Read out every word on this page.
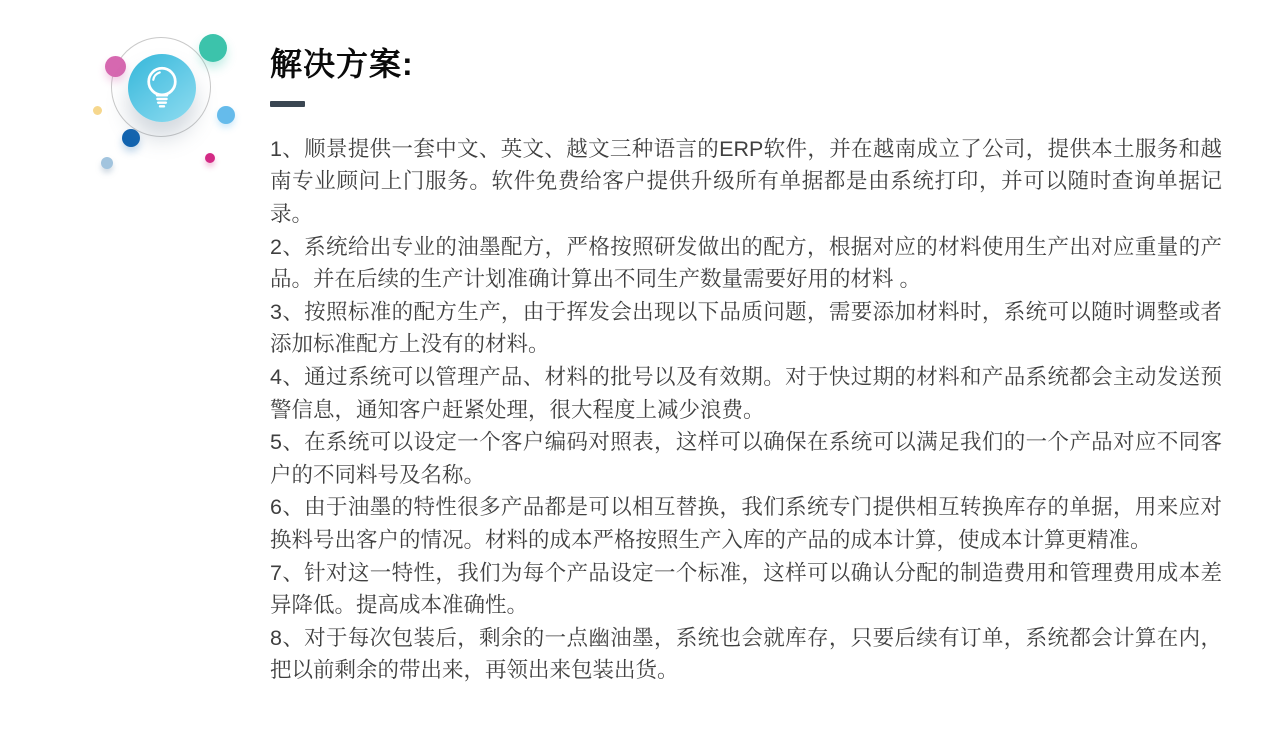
解决方案:

1、顺景提供一套中文、英文、越文三种语言的ERP软件，并在越南成立了公司，提供本土服务和越南专业顾问上门服务。软件免费给客户提供升级所有单据都是由系统打印，并可以随时查询单据记录。

2、系统给出专业的油墨配方，严格按照研发做出的配方，根据对应的材料使用生产出对应重量的产品。并在后续的生产计划准确计算出不同生产数量需要好用的材料 。

3、按照标准的配方生产，由于挥发会出现以下品质问题，需要添加材料时，系统可以随时调整或者添加标准配方上没有的材料。

4、通过系统可以管理产品、材料的批号以及有效期。对于快过期的材料和产品系统都会主动发送预警信息，通知客户赶紧处理，很大程度上减少浪费。

5、在系统可以设定一个客户编码对照表，这样可以确保在系统可以满足我们的一个产品对应不同客户的不同料号及名称。

6、由于油墨的特性很多产品都是可以相互替换，我们系统专门提供相互转换库存的单据，用来应对换料号出客户的情况。材料的成本严格按照生产入库的产品的成本计算，使成本计算更精准。

7、针对这一特性，我们为每个产品设定一个标准，这样可以确认分配的制造费用和管理费用成本差异降低。提高成本准确性。

8、对于每次包装后，剩余的一点幽油墨，系统也会就库存，只要后续有订单，系统都会计算在内，把以前剩余的带出来，再领出来包装出货。
